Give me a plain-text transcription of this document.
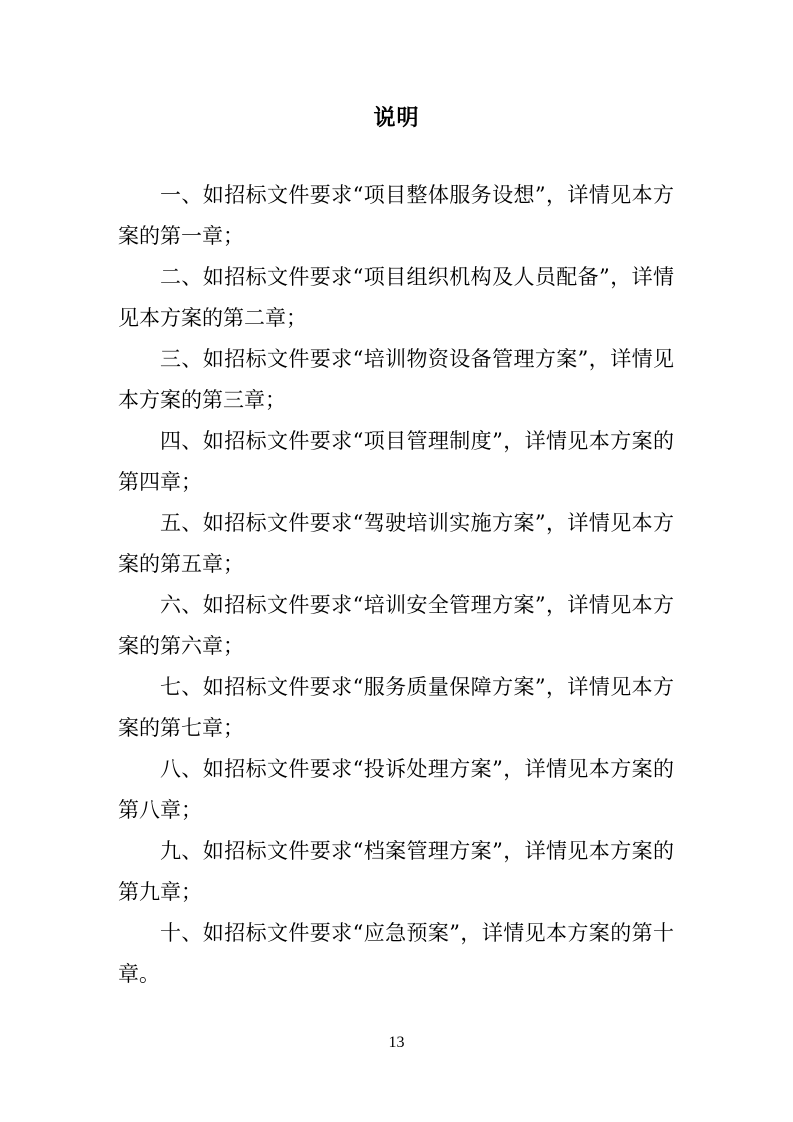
说明

一、如招标文件要求“项目整体服务设想”，详情见本方案的第一章；

二、如招标文件要求“项目组织机构及人员配备”，详情见本方案的第二章；

三、如招标文件要求“培训物资设备管理方案”，详情见本方案的第三章；

四、如招标文件要求“项目管理制度”，详情见本方案的第四章；

五、如招标文件要求“驾驶培训实施方案”，详情见本方案的第五章；

六、如招标文件要求“培训安全管理方案”，详情见本方案的第六章；

七、如招标文件要求“服务质量保障方案”，详情见本方案的第七章；

八、如招标文件要求“投诉处理方案”，详情见本方案的第八章；

九、如招标文件要求“档案管理方案”，详情见本方案的第九章；

十、如招标文件要求“应急预案”，详情见本方案的第十章。

13
